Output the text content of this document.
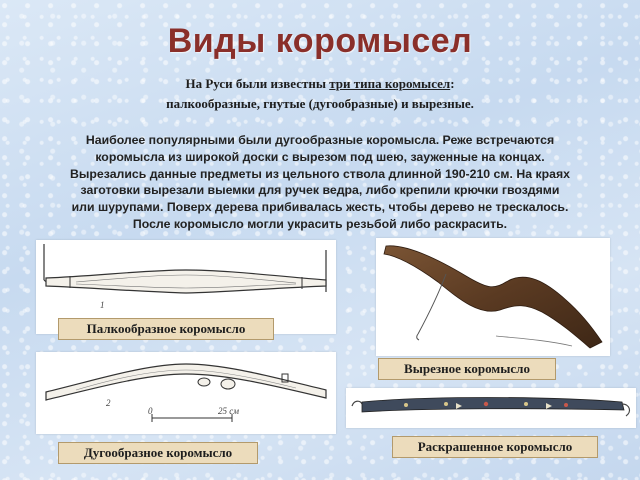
Виды коромысел
На Руси были известны три типа коромысел:
палкообразные, гнутые (дугообразные) и вырезные.
Наиболее популярными были дугообразные коромысла. Реже встречаются
коромысла из широкой доски с вырезом под шею, зауженные на концах.
Вырезались данные предметы из цельного ствола длинной 190-210 см. На краях
заготовки вырезали выемки для ручек ведра, либо крепили крючки гвоздями
или шурупами. Поверх дерева прибивалась жесть, чтобы дерево не трескалось.
После коромысло могли украсить резьбой либо раскрасить.
1
2
0	25 см
Палкообразное коромысло
Вырезное коромысло
Раскрашенное коромысло
Дугообразное коромысло
